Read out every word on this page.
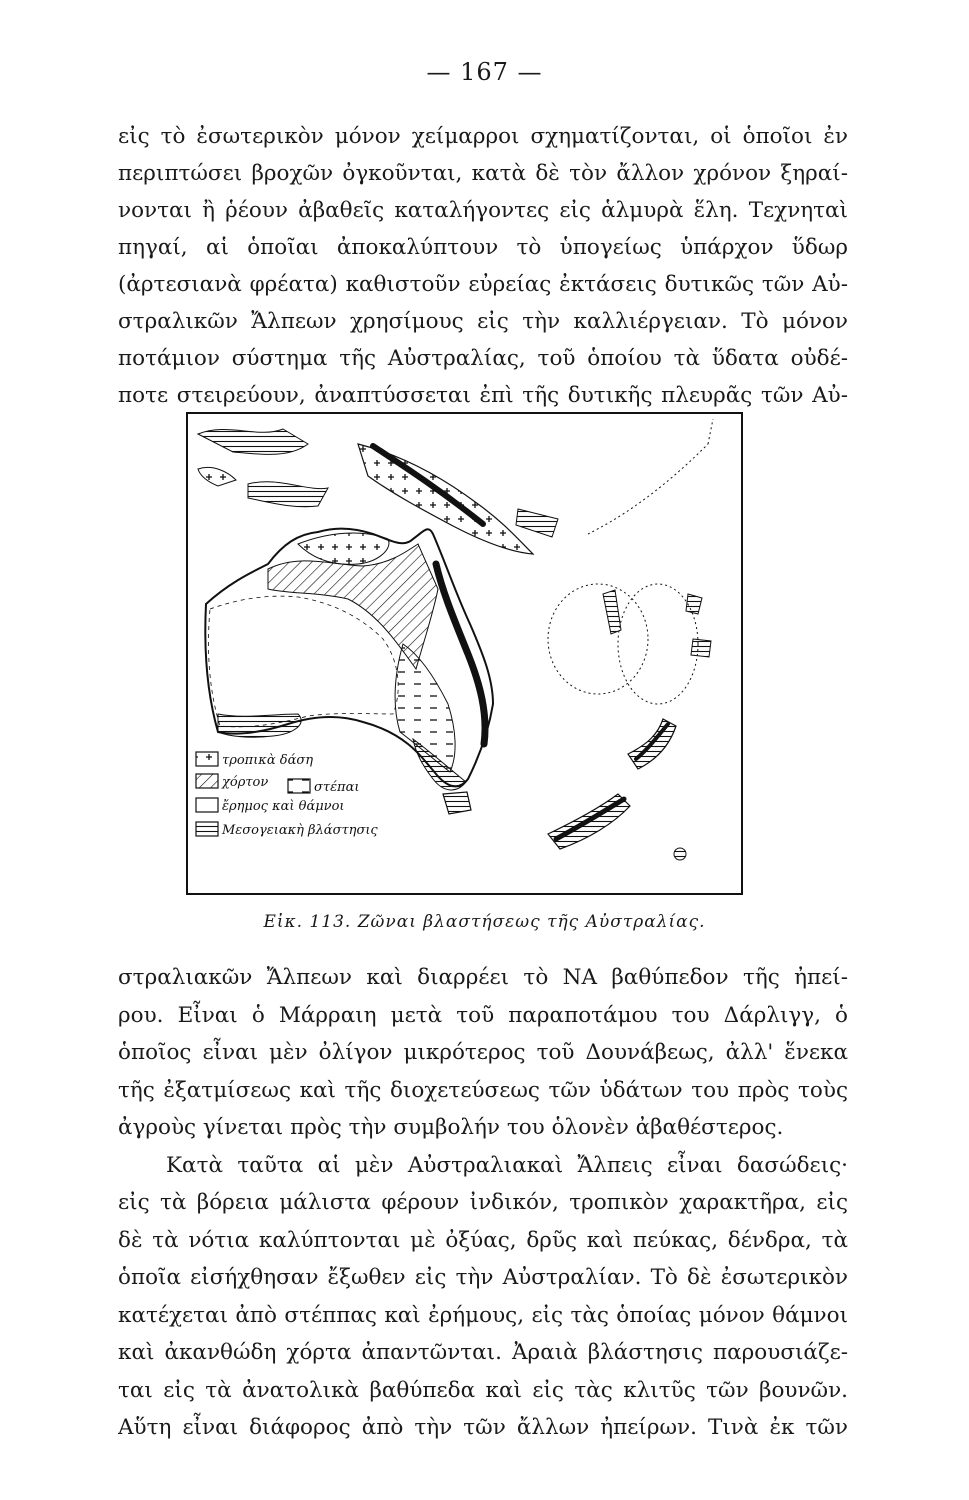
— 167 —
εἰς τὸ ἐσωτερικὸν μόνον χείμαρροι σχηματίζονται, οἱ ὁποῖοι ἐν
περιπτώσει βροχῶν ὀγκοῦνται, κατὰ δὲ τὸν ἄλλον χρόνον ξηραί-
νονται ἢ ῥέουν ἀβαθεῖς καταλήγοντες εἰς ἁλμυρὰ ἕλη. Τεχνηταὶ
πηγαί, αἱ ὁποῖαι ἀποκαλύπτουν τὸ ὑπογείως ὑπάρχον ὕδωρ
(ἀρτεσιανὰ φρέατα) καθιστοῦν εὐρείας ἐκτάσεις δυτικῶς τῶν Αὐ-
στραλικῶν Ἄλπεων χρησίμους εἰς τὴν καλλιέργειαν. Τὸ μόνον
ποτάμιον σύστημα τῆς Αὐστραλίας, τοῦ ὁποίου τὰ ὕδατα οὐδέ-
ποτε στειρεύουν, ἀναπτύσσεται ἐπὶ τῆς δυτικῆς πλευρᾶς τῶν Αὐ-
τροπικὰ δάση
χόρτον	στέπαι
ἔρημος καὶ θάμνοι
Μεσογειακὴ βλάστησις
Εἰκ. 113. Ζῶναι βλαστήσεως τῆς Αὐστραλίας.
στραλιακῶν Ἄλπεων καὶ διαρρέει τὸ ΝΑ βαθύπεδον τῆς ἠπεί-
ρου. Εἶναι ὁ Μάρραιη μετὰ τοῦ παραποτάμου του Δάρλιγγ, ὁ
ὁποῖος εἶναι μὲν ὀλίγον μικρότερος τοῦ Δουνάβεως, ἀλλ' ἕνεκα
τῆς ἐξατμίσεως καὶ τῆς διοχετεύσεως τῶν ὑδάτων του πρὸς τοὺς
ἀγροὺς γίνεται πρὸς τὴν συμβολήν του ὁλονὲν ἀβαθέστερος.
Κατὰ ταῦτα αἱ μὲν Αὐστραλιακαὶ Ἄλπεις εἶναι δασώδεις·
εἰς τὰ βόρεια μάλιστα φέρουν ἰνδικόν, τροπικὸν χαρακτῆρα, εἰς
δὲ τὰ νότια καλύπτονται μὲ ὀξύας, δρῦς καὶ πεύκας, δένδρα, τὰ
ὁποῖα εἰσήχθησαν ἔξωθεν εἰς τὴν Αὐστραλίαν. Τὸ δὲ ἐσωτερικὸν
κατέχεται ἀπὸ στέππας καὶ ἐρήμους, εἰς τὰς ὁποίας μόνον θάμνοι
καὶ ἀκανθώδη χόρτα ἀπαντῶνται. Ἀραιὰ βλάστησις παρουσιάζε-
ται εἰς τὰ ἀνατολικὰ βαθύπεδα καὶ εἰς τὰς κλιτῦς τῶν βουνῶν.
Αὕτη εἶναι διάφορος ἀπὸ τὴν τῶν ἄλλων ἠπείρων. Τινὰ ἐκ τῶν
